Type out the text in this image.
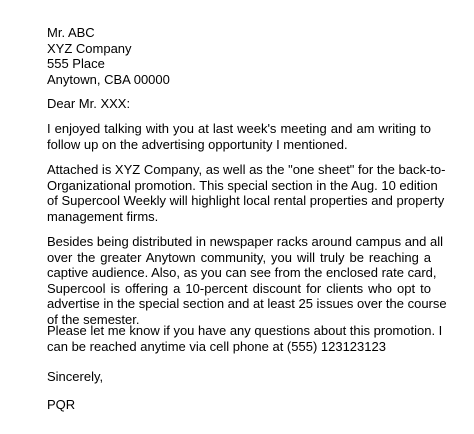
Mr. ABC
XYZ Company
555 Place
Anytown, CBA 00000
Dear Mr. XXX:
I enjoyed talking with you at last week's meeting and am writing to
follow up on the advertising opportunity I mentioned.
Attached is XYZ Company, as well as the "one sheet" for the back-to-
Organizational promotion. This special section in the Aug. 10 edition
of Supercool Weekly will highlight local rental properties and property
management firms.
Besides being distributed in newspaper racks around campus and all
over the greater Anytown community, you will truly be reaching a
captive audience. Also, as you can see from the enclosed rate card,
Supercool is offering a 10-percent discount for clients who opt to
advertise in the special section and at least 25 issues over the course
of the semester.
Please let me know if you have any questions about this promotion. I
can be reached anytime via cell phone at (555) 123123123
Sincerely,
PQR
